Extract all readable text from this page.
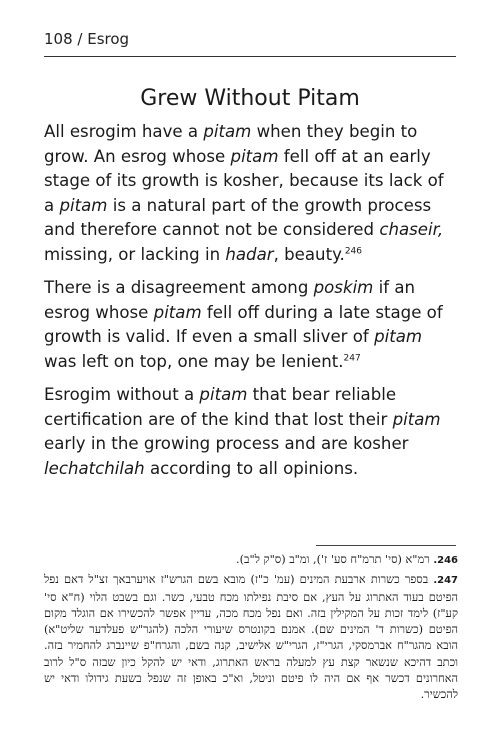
108 / Esrog
Grew Without Pitam

All esrogim have a pitam when they begin to grow. An esrog whose pitam fell off at an early stage of its growth is kosher, because its lack of a pitam is a natural part of the growth process and therefore cannot not be considered chaseir, missing, or lacking in hadar, beauty.$^{246}$

There is a disagreement among poskim if an esrog whose pitam fell off during a late stage of growth is valid. If even a small sliver of pitam was left on top, one may be lenient.$^{247}$

Esrogim without a pitam that bear reliable certification are of the kind that lost their pitam early in the growing process and are kosher lechatchilah according to all opinions.

246. רמ"א (סי' תרמ"ח סע' ז'), ומ"ב (ס"ק ל"ב).
247. בספר כשרות ארבעת המינים (עמ' כ"ז) מובא בשם הגרש"ז אויערבאך זצ"ל דאם נפל הפיטם בעוד האתרוג על העץ, אם סיבת נפילתו מכח טבעי, כשר. וגם בשבט הלוי (ח"א סי' קע"ז) לימד זכות על המקילין בזה. ואם נפל מכח מכה, עדיין אפשר להכשירו אם הוגלד מקום הפיטם (כשרות ד' המינים שם). אמנם בקונטרס שיעורי הלכה (להגר"ש פעלדער שליט"א) הובא מהגר"ח אברמסקי, הגרי"ז, הגרי"ש אלישיב, קנה בשם, והגרח"פ שיינברג להחמיר בזה. וכתב דהיכא שנשאר קצת עץ למעלה בראש האתרוג, ודאי יש להקל כיון שבזה ס"ל לרוב האחרונים דכשר אף אם היה לו פיטם וניטל, וא"כ באופן זה שנפל בשעת גידולו ודאי יש להכשיר.
